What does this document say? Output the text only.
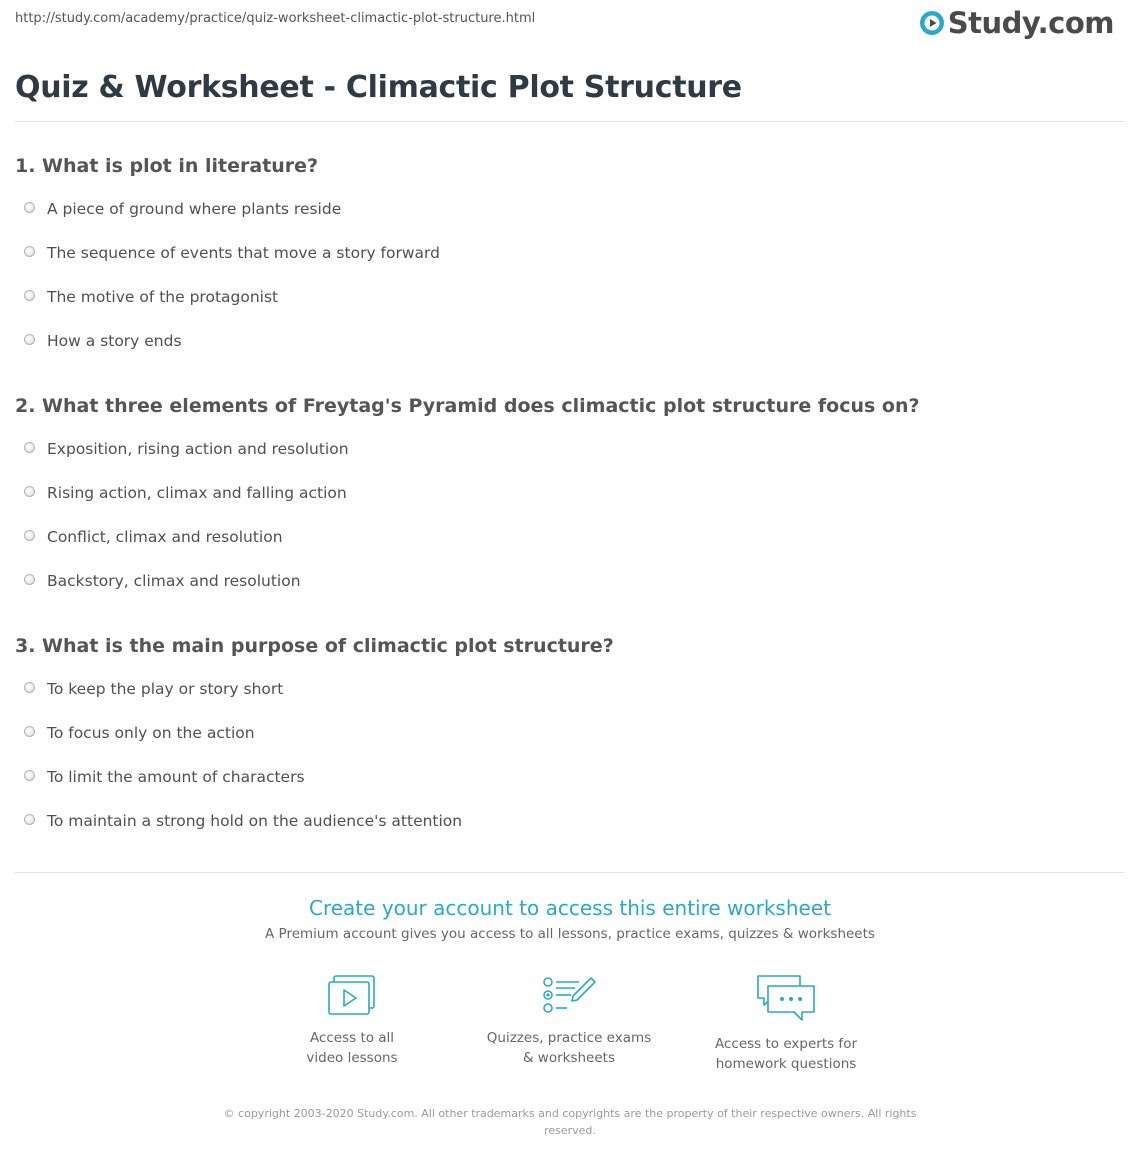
http://study.com/academy/practice/quiz-worksheet-climactic-plot-structure.html	Study.com
Quiz & Worksheet - Climactic Plot Structure
1. What is plot in literature?
A piece of ground where plants reside
The sequence of events that move a story forward
The motive of the protagonist
How a story ends
2. What three elements of Freytag's Pyramid does climactic plot structure focus on?
Exposition, rising action and resolution
Rising action, climax and falling action
Conflict, climax and resolution
Backstory, climax and resolution
3. What is the main purpose of climactic plot structure?
To keep the play or story short
To focus only on the action
To limit the amount of characters
To maintain a strong hold on the audience's attention
Create your account to access this entire worksheet
A Premium account gives you access to all lessons, practice exams, quizzes & worksheets
Access to all
video lessons
Quizzes, practice exams
& worksheets
Access to experts for
homework questions
© copyright 2003-2020 Study.com. All other trademarks and copyrights are the property of their respective owners. All rights
reserved.
